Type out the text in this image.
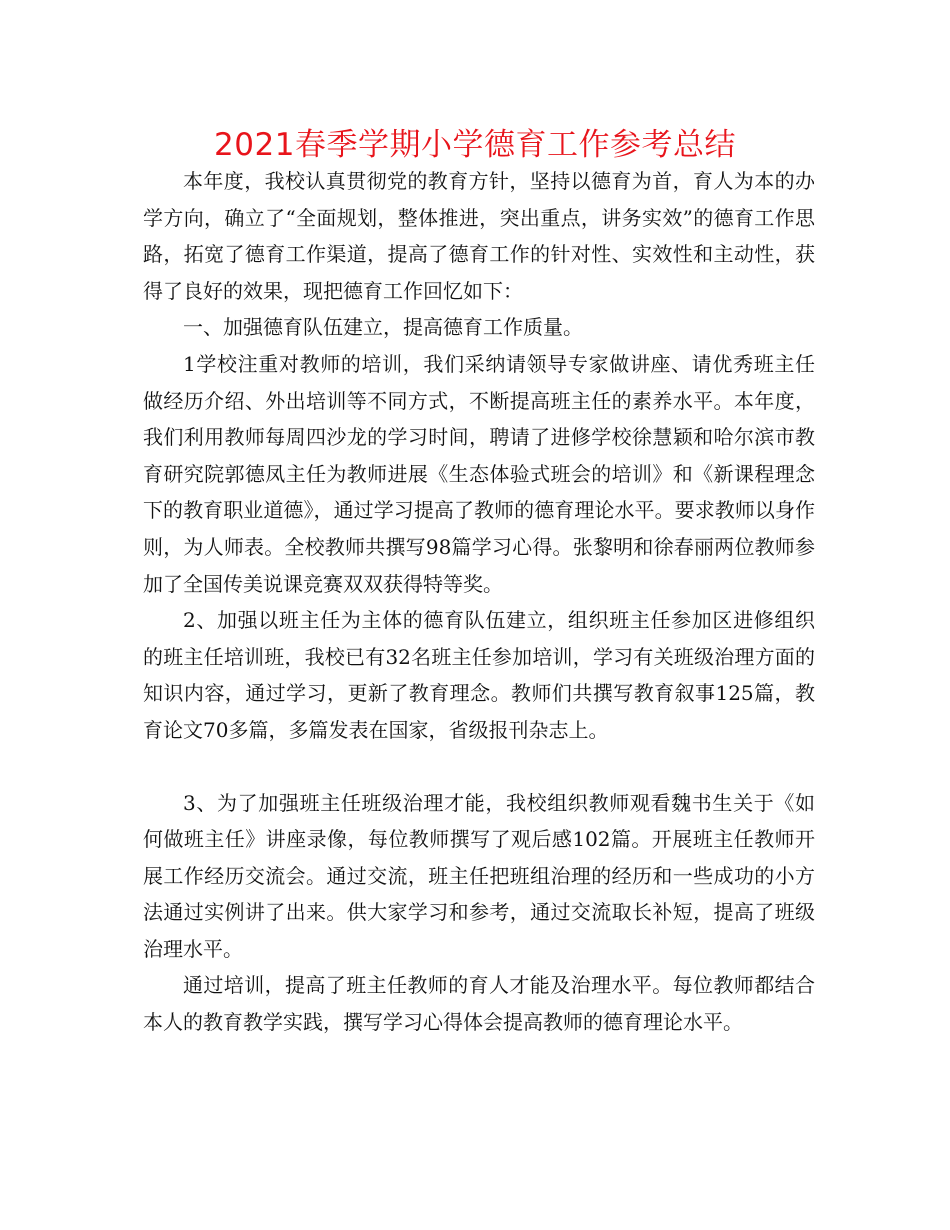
2021春季学期小学德育工作参考总结

本年度，我校认真贯彻党的教育方针，坚持以德育为首，育人为本的办学方向，确立了“全面规划，整体推进，突出重点，讲务实效”的德育工作思路，拓宽了德育工作渠道，提高了德育工作的针对性、实效性和主动性，获得了良好的效果，现把德育工作回忆如下：

一、加强德育队伍建立，提高德育工作质量。

1学校注重对教师的培训，我们采纳请领导专家做讲座、请优秀班主任做经历介绍、外出培训等不同方式，不断提高班主任的素养水平。本年度，我们利用教师每周四沙龙的学习时间，聘请了进修学校徐慧颖和哈尔滨市教育研究院郭德凤主任为教师进展《生态体验式班会的培训》和《新课程理念下的教育职业道德》，通过学习提高了教师的德育理论水平。要求教师以身作则，为人师表。全校教师共撰写98篇学习心得。张黎明和徐春丽两位教师参加了全国传美说课竞赛双双获得特等奖。

2、加强以班主任为主体的德育队伍建立，组织班主任参加区进修组织的班主任培训班，我校已有32名班主任参加培训，学习有关班级治理方面的知识内容，通过学习，更新了教育理念。教师们共撰写教育叙事125篇，教育论文70多篇，多篇发表在国家，省级报刊杂志上。

3、为了加强班主任班级治理才能，我校组织教师观看魏书生关于《如何做班主任》讲座录像，每位教师撰写了观后感102篇。开展班主任教师开展工作经历交流会。通过交流，班主任把班组治理的经历和一些成功的小方法通过实例讲了出来。供大家学习和参考，通过交流取长补短，提高了班级治理水平。

通过培训，提高了班主任教师的育人才能及治理水平。每位教师都结合本人的教育教学实践，撰写学习心得体会提高教师的德育理论水平。
